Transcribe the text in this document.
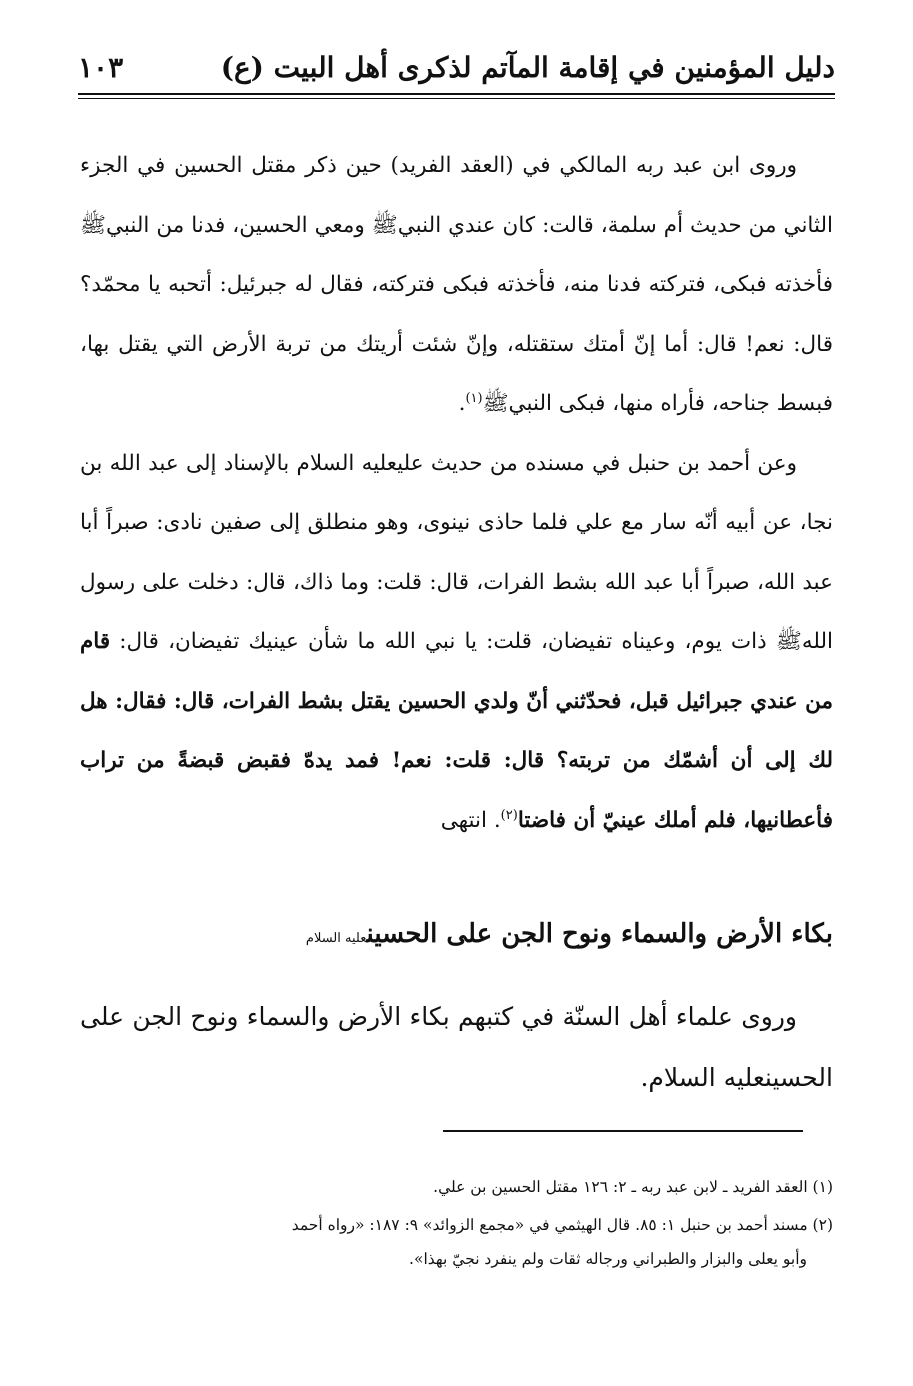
دليل المؤمنين في إقامة المآتم لذكرى أهل البيت (ع)
١٠٣

وروى ابن عبد ربه المالكي في (العقد الفريد) حين ذكر مقتل الحسين في الجزء الثاني من حديث أم سلمة، قالت: كان عندي النبيﷺ ومعي الحسين، فدنا من النبيﷺ فأخذته فبكى، فتركته فدنا منه، فأخذته فبكى فتركته، فقال له جبرئيل: أتحبه يا محمّد؟ قال: نعم! قال: أما إنّ أمتك ستقتله، وإنّ شئت أريتك من تربة الأرض التي يقتل بها، فبسط جناحه، فأراه منها، فبكى النبيﷺ$^{(١)}$.

وعن أحمد بن حنبل في مسنده من حديث عليعليه السلام بالإسناد إلى عبد الله بن نجا، عن أبيه أنّه سار مع علي فلما حاذى نينوى، وهو منطلق إلى صفين نادى: صبراً أبا عبد الله، صبراً أبا عبد الله بشط الفرات، قال: قلت: وما ذاك، قال: دخلت على رسول اللهﷺ ذات يوم، وعيناه تفيضان، قلت: يا نبي الله ما شأن عينيك تفيضان، قال: قام من عندي جبرائيل قبل، فحدّثني أنّ ولدي الحسين يقتل بشط الفرات، قال: فقال: هل لك إلى أن أشمّك من تربته؟ قال: قلت: نعم! فمد يدهّ فقبض قبضةً من تراب فأعطانيها، فلم أملك عينيّ أن فاضتا$^{(٢)}$. انتهى

بكاء الأرض والسماء ونوح الجن على الحسينعليه السلام

وروى علماء أهل السنّة في كتبهم بكاء الأرض والسماء ونوح الجن على الحسينعليه السلام.

(١) العقد الفريد ـ لابن عبد ربه ـ ٢: ١٢٦ مقتل الحسين بن علي.

(٢) مسند أحمد بن حنبل ١: ٨٥. قال الهيثمي في «مجمع الزوائد» ٩: ١٨٧: «رواه أحمد
وأبو يعلى والبزار والطبراني ورجاله ثقات ولم ينفرد نجيّ بهذا».
